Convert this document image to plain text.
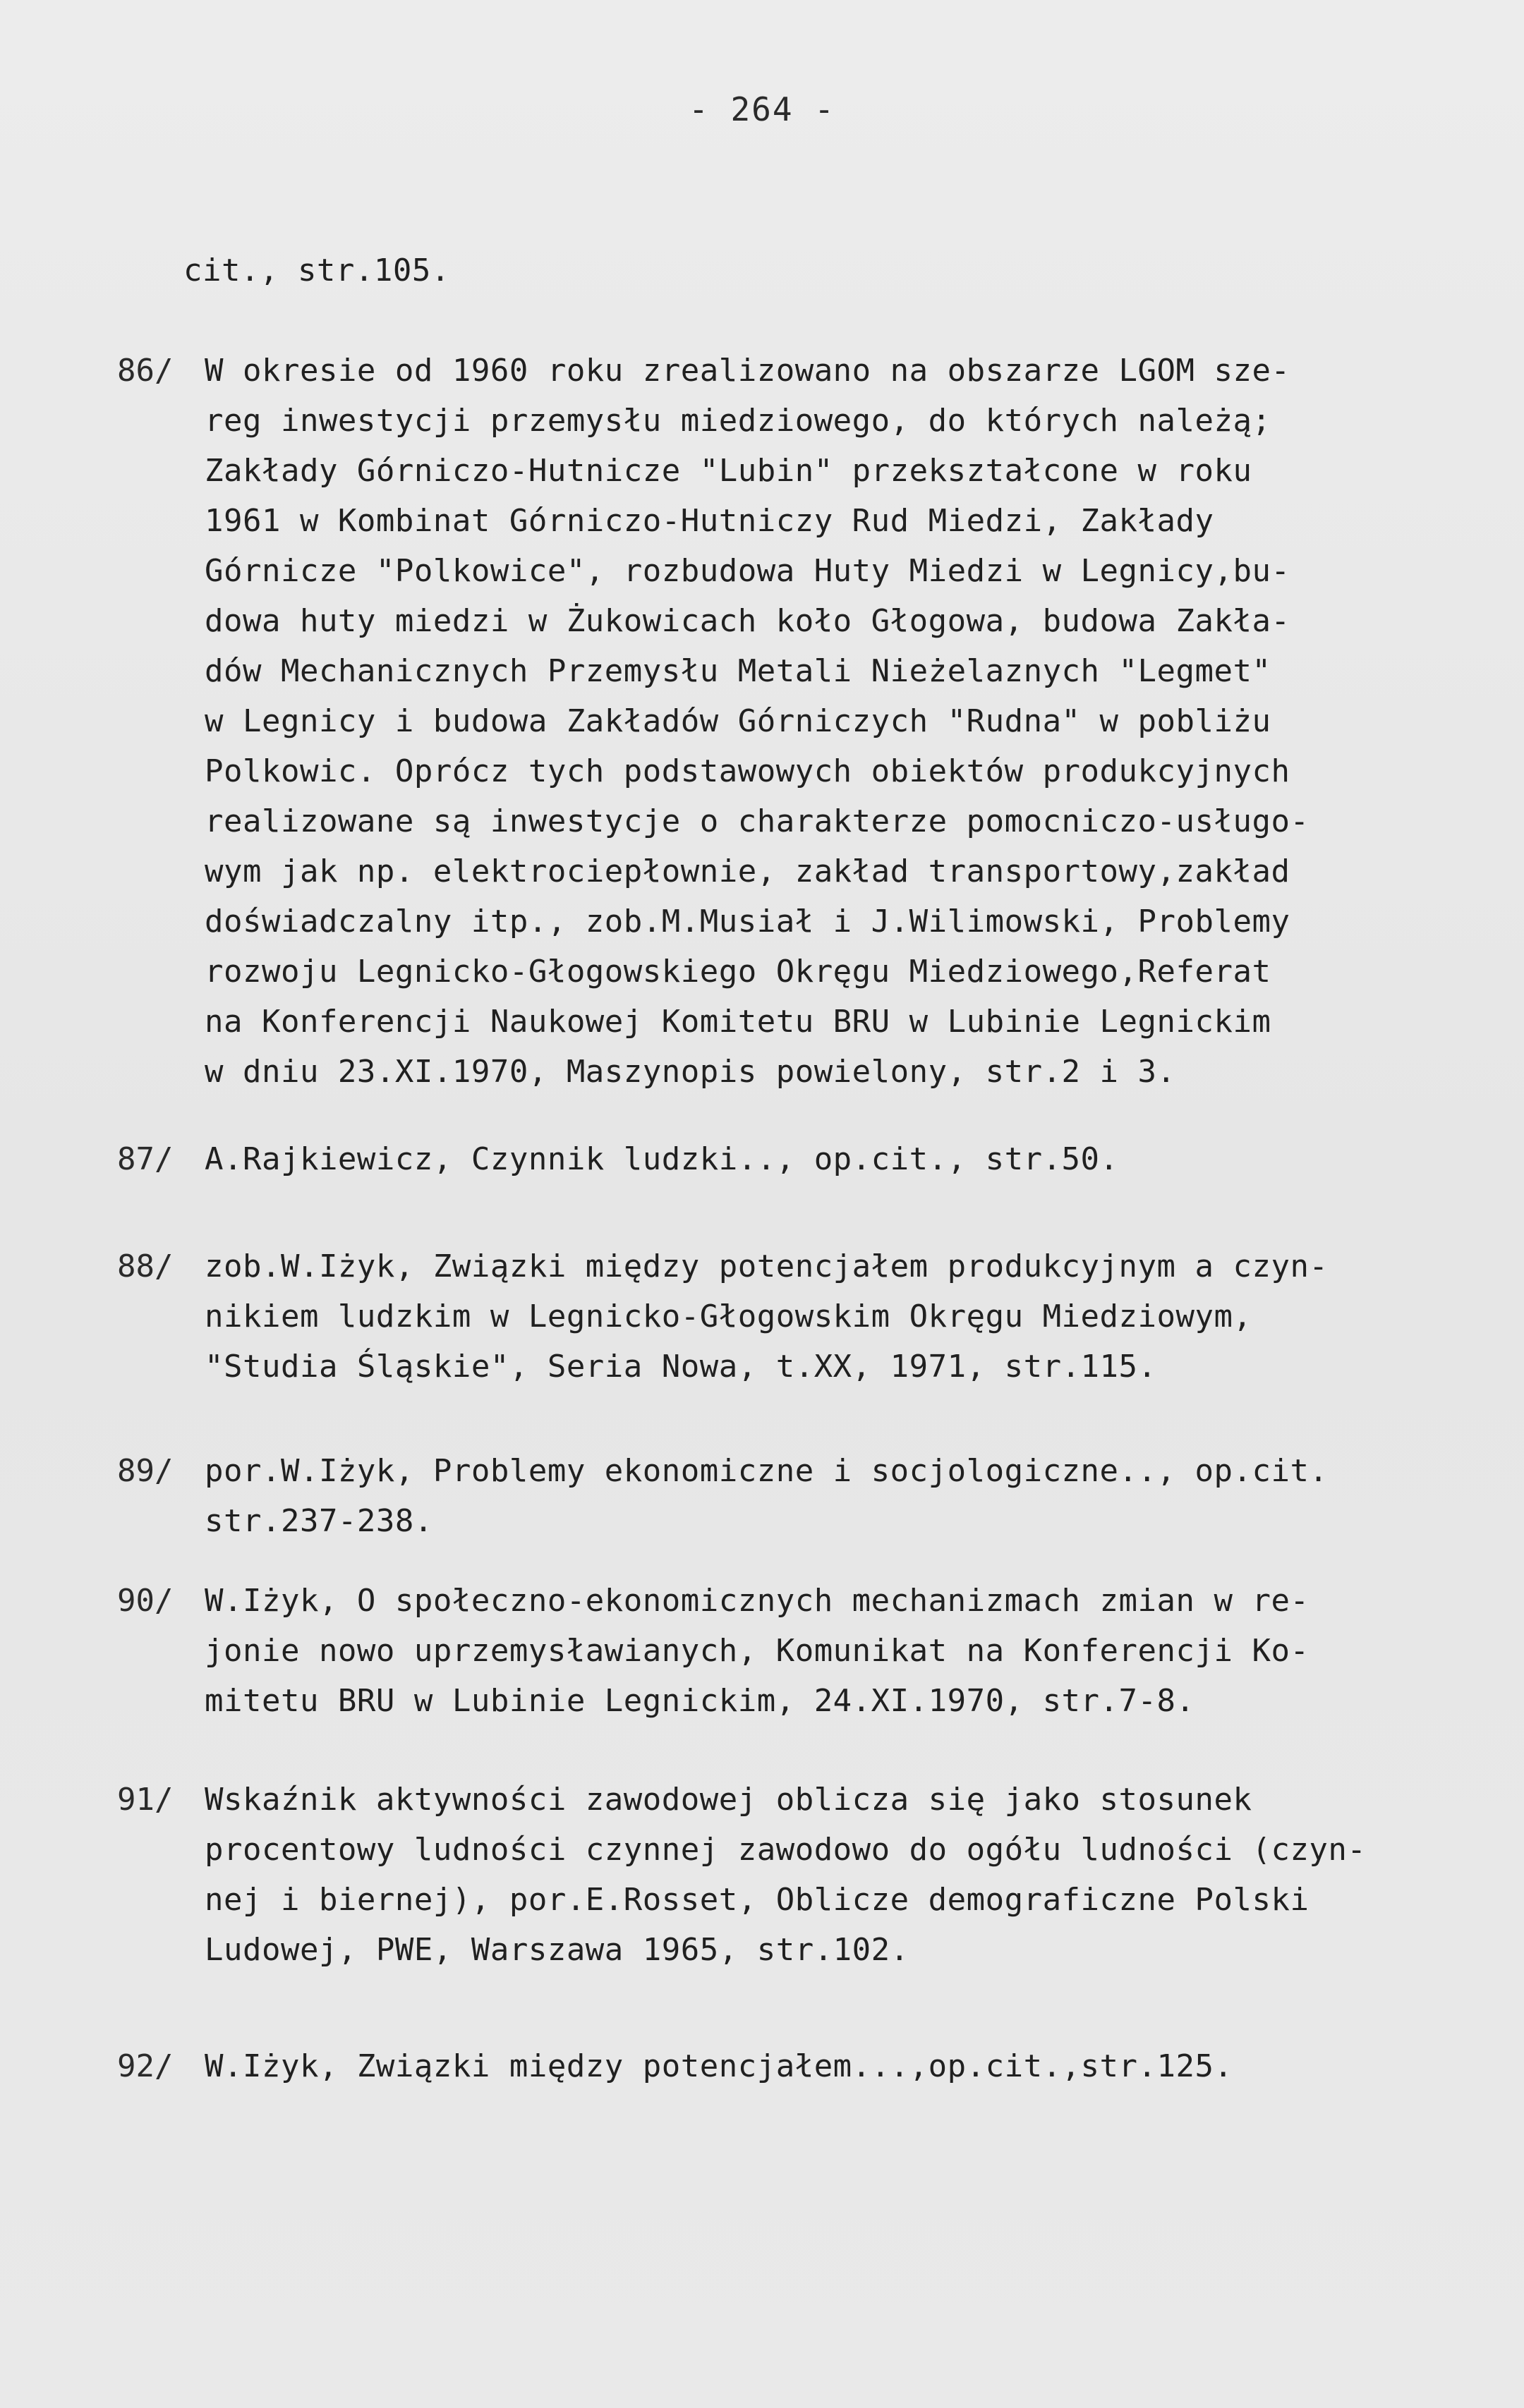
- 264 -
cit., str.105.
86/ W okresie od 1960 roku zrealizowano na obszarze LGOM sze-
reg inwestycji przemysłu miedziowego, do których należą;
Zakłady Górniczo-Hutnicze "Lubin" przekształcone w roku
1961 w Kombinat Górniczo-Hutniczy Rud Miedzi, Zakłady
Górnicze "Polkowice", rozbudowa Huty Miedzi w Legnicy,bu-
dowa huty miedzi w Żukowicach koło Głogowa, budowa Zakła-
dów Mechanicznych Przemysłu Metali Nieżelaznych "Legmet"
w Legnicy i budowa Zakładów Górniczych "Rudna" w pobliżu
Polkowic. Oprócz tych podstawowych obiektów produkcyjnych
realizowane są inwestycje o charakterze pomocniczo-usługo-
wym jak np. elektrociepłownie, zakład transportowy,zakład
doświadczalny itp., zob.M.Musiał i J.Wilimowski, Problemy
rozwoju Legnicko-Głogowskiego Okręgu Miedziowego,Referat
na Konferencji Naukowej Komitetu BRU w Lubinie Legnickim
w dniu 23.XI.1970, Maszynopis powielony, str.2 i 3.
87/ A.Rajkiewicz, Czynnik ludzki.., op.cit., str.50.
88/ zob.W.Iżyk, Związki między potencjałem produkcyjnym a czyn-
nikiem ludzkim w Legnicko-Głogowskim Okręgu Miedziowym,
"Studia Śląskie", Seria Nowa, t.XX, 1971, str.115.
89/ por.W.Iżyk, Problemy ekonomiczne i socjologiczne.., op.cit.
str.237-238.
90/ W.Iżyk, O społeczno-ekonomicznych mechanizmach zmian w re-
jonie nowo uprzemysławianych, Komunikat na Konferencji Ko-
mitetu BRU w Lubinie Legnickim, 24.XI.1970, str.7-8.
91/ Wskaźnik aktywności zawodowej oblicza się jako stosunek
procentowy ludności czynnej zawodowo do ogółu ludności (czyn-
nej i biernej), por.E.Rosset, Oblicze demograficzne Polski
Ludowej, PWE, Warszawa 1965, str.102.
92/ W.Iżyk, Związki między potencjałem...,op.cit.,str.125.
